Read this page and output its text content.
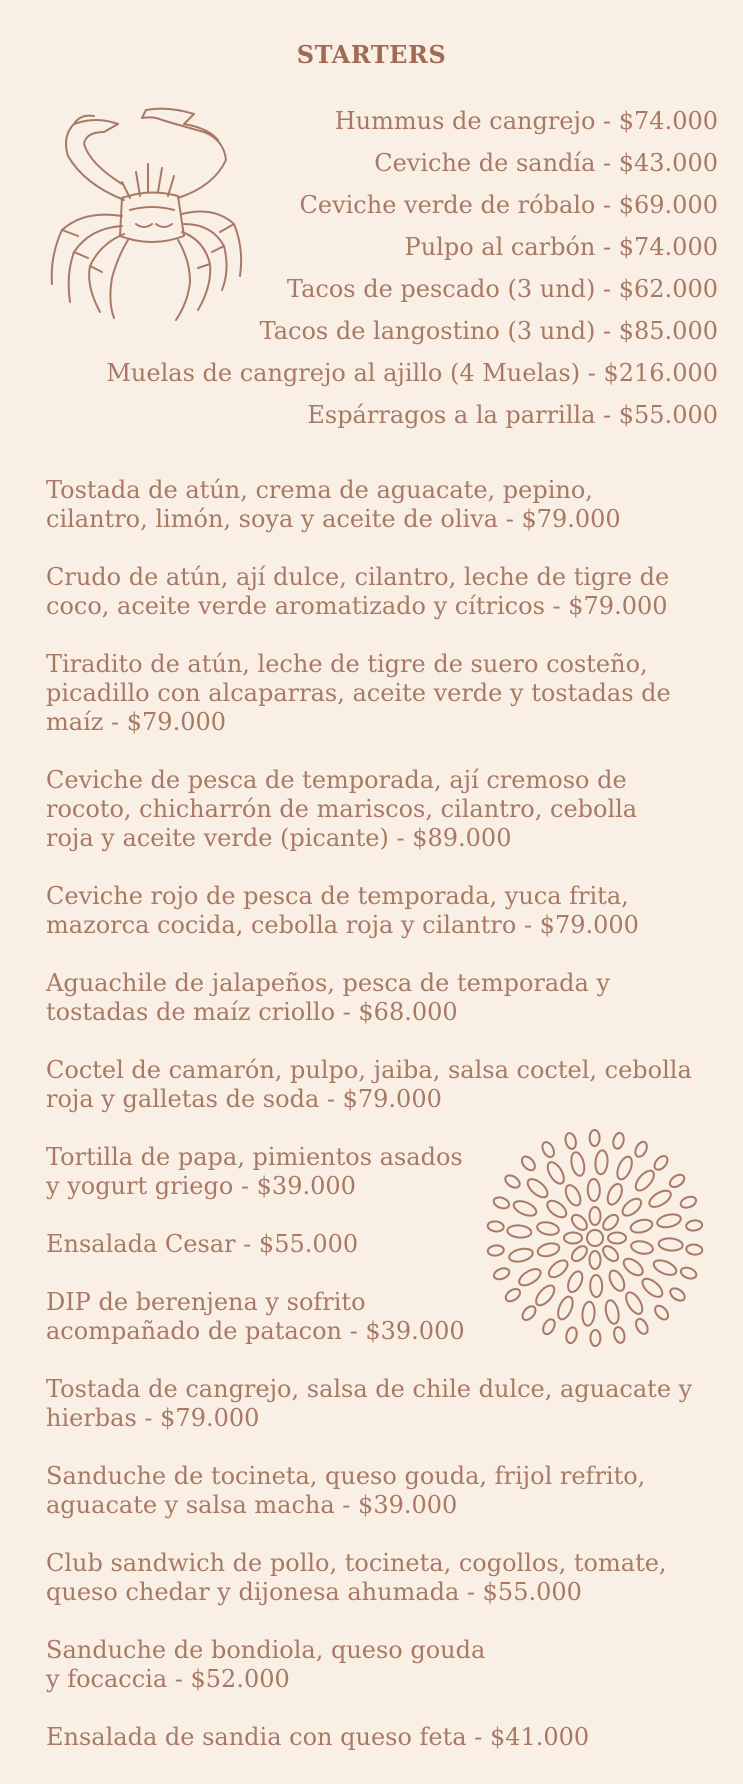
STARTERS
Hummus de cangrejo - $74.000
Ceviche de sandía - $43.000
Ceviche verde de róbalo - $69.000
Pulpo al carbón - $74.000
Tacos de pescado (3 und) - $62.000
Tacos de langostino (3 und) - $85.000
Muelas de cangrejo al ajillo (4 Muelas) - $216.000
Espárragos a la parrilla - $55.000
Tostada de atún, crema de aguacate, pepino,
cilantro, limón, soya y aceite de oliva - $79.000
Crudo de atún, ají dulce, cilantro, leche de tigre de
coco, aceite verde aromatizado y cítricos - $79.000
Tiradito de atún, leche de tigre de suero costeño,
picadillo con alcaparras, aceite verde y tostadas de
maíz - $79.000
Ceviche de pesca de temporada, ají cremoso de
rocoto, chicharrón de mariscos, cilantro, cebolla
roja y aceite verde (picante) - $89.000
Ceviche rojo de pesca de temporada, yuca frita,
mazorca cocida, cebolla roja y cilantro - $79.000
Aguachile de jalapeños, pesca de temporada y
tostadas de maíz criollo - $68.000
Coctel de camarón, pulpo, jaiba, salsa coctel, cebolla
roja y galletas de soda - $79.000
Tortilla de papa, pimientos asados
y yogurt griego - $39.000
Ensalada Cesar - $55.000
DIP de berenjena y sofrito
acompañado de patacon - $39.000
Tostada de cangrejo, salsa de chile dulce, aguacate y
hierbas - $79.000
Sanduche de tocineta, queso gouda, frijol refrito,
aguacate y salsa macha - $39.000
Club sandwich de pollo, tocineta, cogollos, tomate,
queso chedar y dijonesa ahumada - $55.000
Sanduche de bondiola, queso gouda
y focaccia - $52.000
Ensalada de sandia con queso feta - $41.000
